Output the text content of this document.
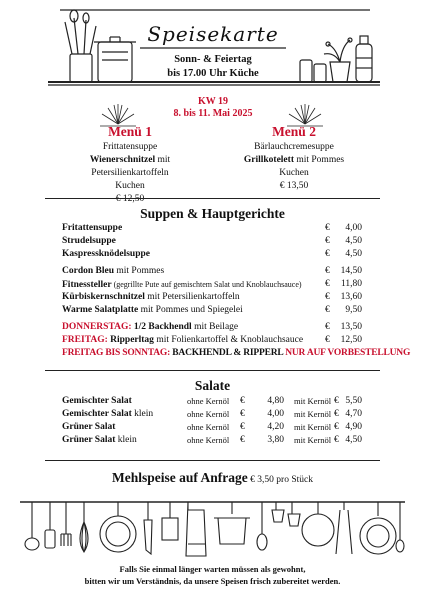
Speisekarte
Sonn- & Feiertag
bis 17.00 Uhr Küche
KW 19
8. bis 11. Mai 2025
Menü 1
Frittatensuppe
Wienerschnitzel mit Petersilienkartoffeln
Kuchen
€ 12,50
Menü 2
Bärlauchcremesuppe
Grillkotelett mit Pommes
Kuchen
€ 13,50
Suppen & Hauptgerichte
Fritattensuppe	€ 4,00
Strudelsuppe	€ 4,50
Kaspressknödelsuppe	€ 4,50
Cordon Bleu mit Pommes	€ 14,50
Fitnessteller (gegrillte Pute auf gemischtem Salat und Knoblauchsauce) € 11,80
Kürbiskernschnitzel mit Petersilienkartoffeln	€ 13,60
Warme Salatplatte mit Pommes und Spiegelei	€ 9,50
DONNERSTAG: 1/2 Backhendl mit Beilage	€ 13,50
FREITAG: Ripperltag mit Folienkartoffel & Knoblauchsauce € 12,50
FREITAG BIS SONNTAG: BACKHENDL & RIPPERL NUR AUF VORBESTELLUNG
Salate
Gemischter Salat	ohne Kernöl €	4,80 mit Kernöl € 5,50
Gemischter Salat klein	ohne Kernöl €	4,00 mit Kernöl € 4,70
Grüner Salat	ohne Kernöl €	4,20 mit Kernöl € 4,90
Grüner Salat klein	ohne Kernöl €	3,80 mit Kernöl € 4,50
Mehlspeise auf Anfrage € 3,50 pro Stück
Falls Sie einmal länger warten müssen als gewohnt,
bitten wir um Verständnis, da unsere Speisen frisch zubereitet werden.
